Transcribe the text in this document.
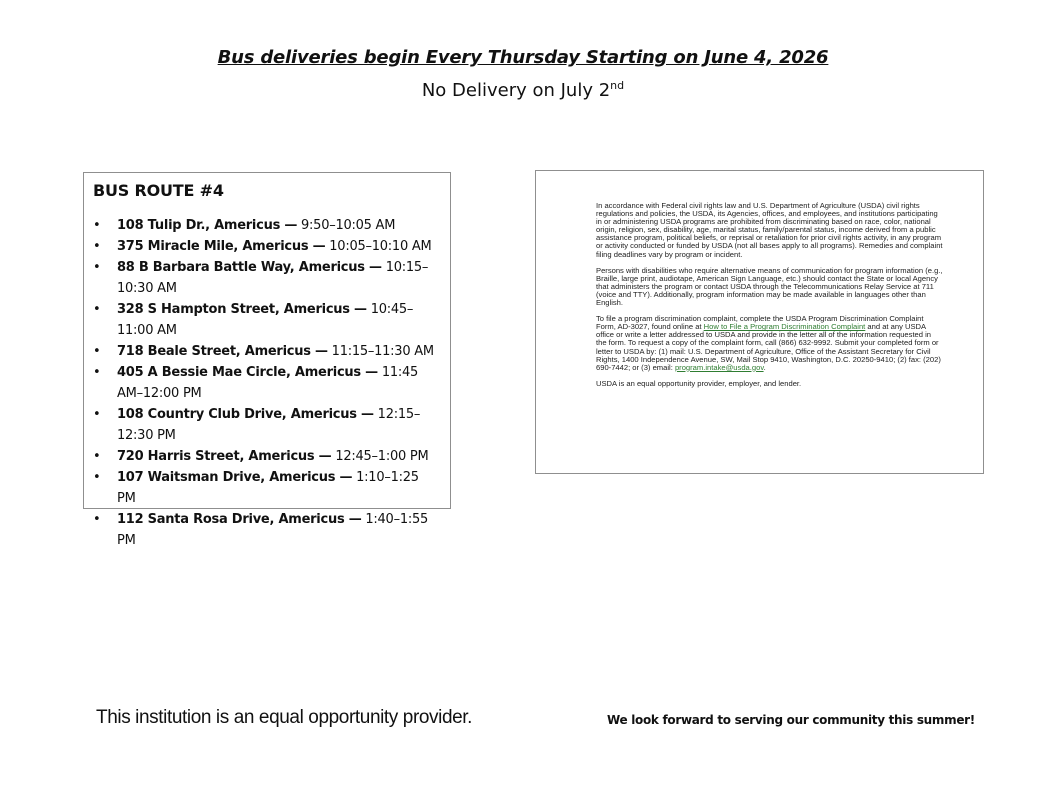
Bus deliveries begin Every Thursday Starting on June 4, 2026
No Delivery on July 2nd
BUS ROUTE #4
• 108 Tulip Dr., Americus — 9:50–10:05 AM
• 375 Miracle Mile, Americus — 10:05–10:10 AM
• 88 B Barbara Battle Way, Americus — 10:15–10:30 AM
• 328 S Hampton Street, Americus — 10:45–11:00 AM
• 718 Beale Street, Americus — 11:15–11:30 AM
• 405 A Bessie Mae Circle, Americus — 11:45 AM–12:00 PM
• 108 Country Club Drive, Americus — 12:15–12:30 PM
• 720 Harris Street, Americus — 12:45–1:00 PM
• 107 Waitsman Drive, Americus — 1:10–1:25 PM
• 112 Santa Rosa Drive, Americus — 1:40–1:55 PM

In accordance with Federal civil rights law and U.S. Department of Agriculture (USDA) civil rights regulations and policies, the USDA, its Agencies, offices, and employees, and institutions participating in or administering USDA programs are prohibited from discriminating based on race, color, national origin, religion, sex, disability, age, marital status, family/parental status, income derived from a public assistance program, political beliefs, or reprisal or retaliation for prior civil rights activity, in any program or activity conducted or funded by USDA (not all bases apply to all programs). Remedies and complaint filing deadlines vary by program or incident.

Persons with disabilities who require alternative means of communication for program information (e.g., Braille, large print, audiotape, American Sign Language, etc.) should contact the State or local Agency that administers the program or contact USDA through the Telecommunications Relay Service at 711 (voice and TTY). Additionally, program information may be made available in languages other than English.

To file a program discrimination complaint, complete the USDA Program Discrimination Complaint Form, AD-3027, found online at How to File a Program Discrimination Complaint and at any USDA office or write a letter addressed to USDA and provide in the letter all of the information requested in the form. To request a copy of the complaint form, call (866) 632-9992. Submit your completed form or letter to USDA by: (1) mail: U.S. Department of Agriculture, Office of the Assistant Secretary for Civil Rights, 1400 Independence Avenue, SW, Mail Stop 9410, Washington, D.C. 20250-9410; (2) fax: (202) 690-7442; or (3) email: program.intake@usda.gov.

USDA is an equal opportunity provider, employer, and lender.

This institution is an equal opportunity provider.	We look forward to serving our community this summer!
